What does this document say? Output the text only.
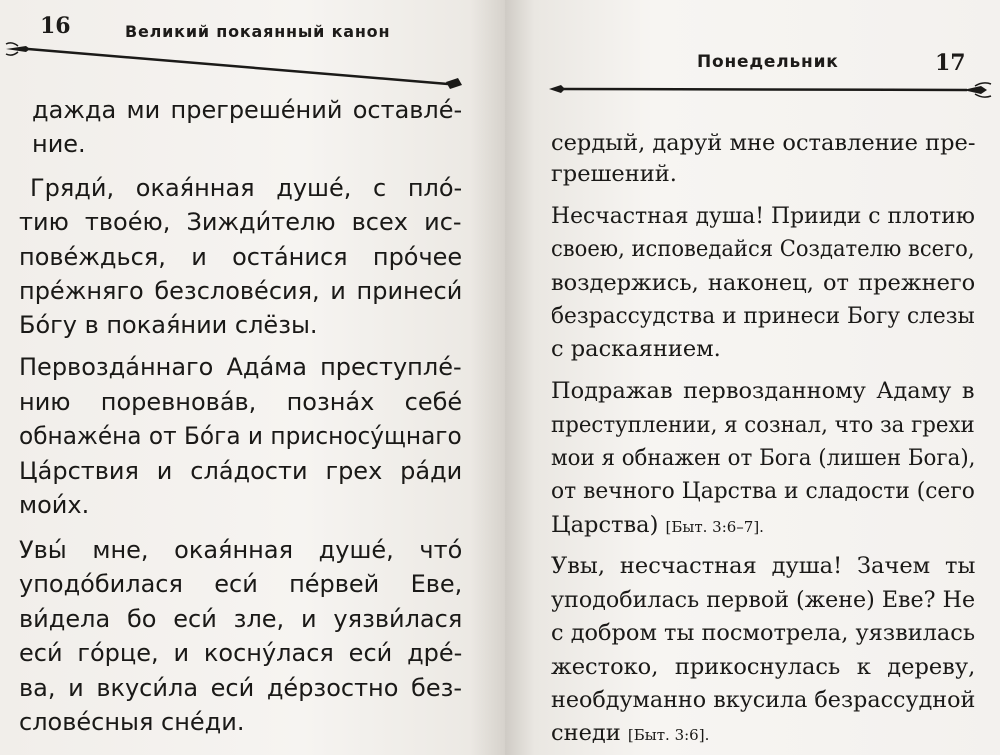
16	Великий покаянный канон
дажда ми прегреше́ний оставле́-
ние.
Гряди́, окая́нная душе́, с пло́-
тию твое́ю, Зижди́телю всех ис-
пове́ждься, и оста́нися про́чее
пре́жняго безслове́сия, и принеси́
Бо́гу в покая́нии слёзы.
Первозда́ннаго Ада́ма преступле́-
нию поревнова́в, позна́х себе́
обнаже́на от Бо́га и присносу́щнаго
Ца́рствия и сла́дости грех ра́ди
мои́х.
Увы́ мне, окая́нная душе́, что́
уподо́билася еси́ пе́рвей Еве,
ви́дела бо еси́ зле, и уязви́лася
еси́ го́рце, и косну́лася еси́ дре́-
ва, и вкуси́ла еси́ де́рзостно без-
слове́сныя сне́ди.
Понедельник	17
сердый, даруй мне оставление пре-
грешений.
Несчастная душа! Прииди с плотию
своею, исповедайся Создателю всего,
воздержись, наконец, от прежнего
безрассудства и принеси Богу слезы
с раскаянием.
Подражав первозданному Адаму в
преступлении, я сознал, что за грехи
мои я обнажен от Бога (лишен Бога),
от вечного Царства и сладости (сего
Царства) [Быт. 3:6–7].
Увы, несчастная душа! Зачем ты
уподобилась первой (жене) Еве? Не
с добром ты посмотрела, уязвилась
жестоко, прикоснулась к дереву,
необдуманно вкусила безрассудной
снеди [Быт. 3:6].
